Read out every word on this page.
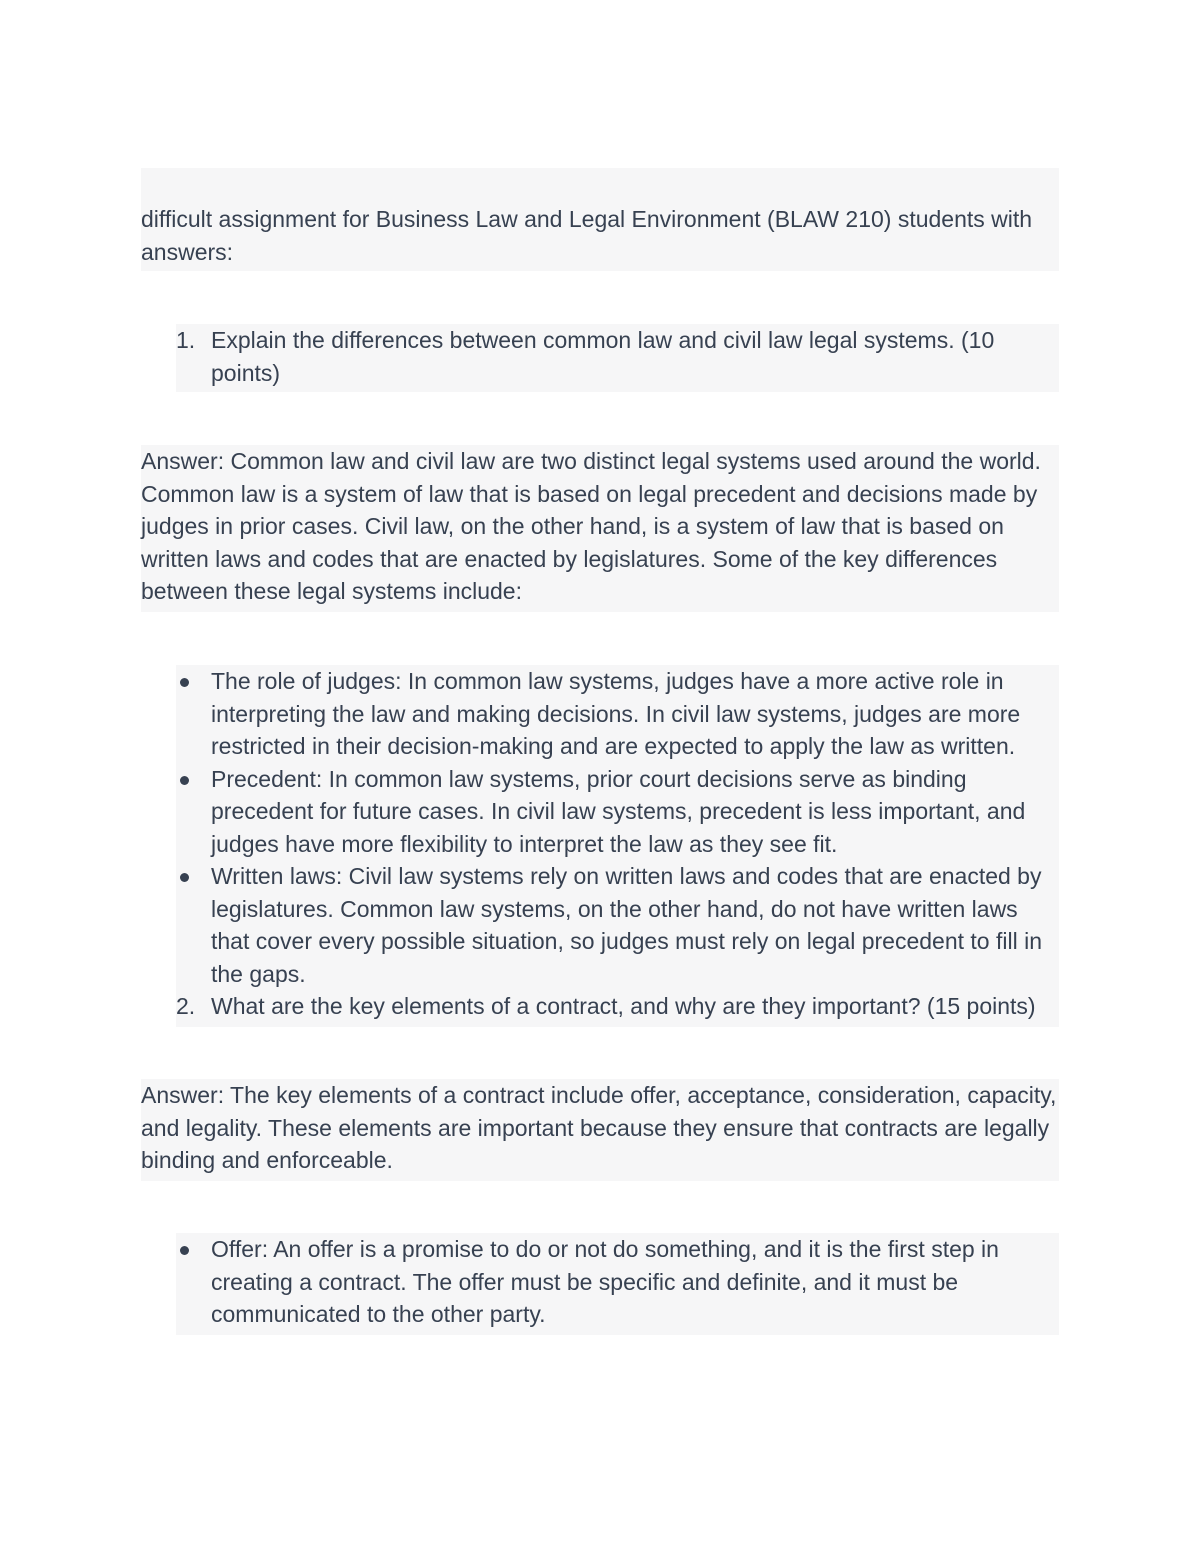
difficult assignment for Business Law and Legal Environment (BLAW 210) students with answers:
1. Explain the differences between common law and civil law legal systems. (10 points)
Answer: Common law and civil law are two distinct legal systems used around the world. Common law is a system of law that is based on legal precedent and decisions made by judges in prior cases. Civil law, on the other hand, is a system of law that is based on written laws and codes that are enacted by legislatures. Some of the key differences between these legal systems include:
The role of judges: In common law systems, judges have a more active role in interpreting the law and making decisions. In civil law systems, judges are more restricted in their decision-making and are expected to apply the law as written.
Precedent: In common law systems, prior court decisions serve as binding precedent for future cases. In civil law systems, precedent is less important, and judges have more flexibility to interpret the law as they see fit.
Written laws: Civil law systems rely on written laws and codes that are enacted by legislatures. Common law systems, on the other hand, do not have written laws that cover every possible situation, so judges must rely on legal precedent to fill in the gaps.
2. What are the key elements of a contract, and why are they important? (15 points)
Answer: The key elements of a contract include offer, acceptance, consideration, capacity, and legality. These elements are important because they ensure that contracts are legally binding and enforceable.
Offer: An offer is a promise to do or not do something, and it is the first step in creating a contract. The offer must be specific and definite, and it must be communicated to the other party.
